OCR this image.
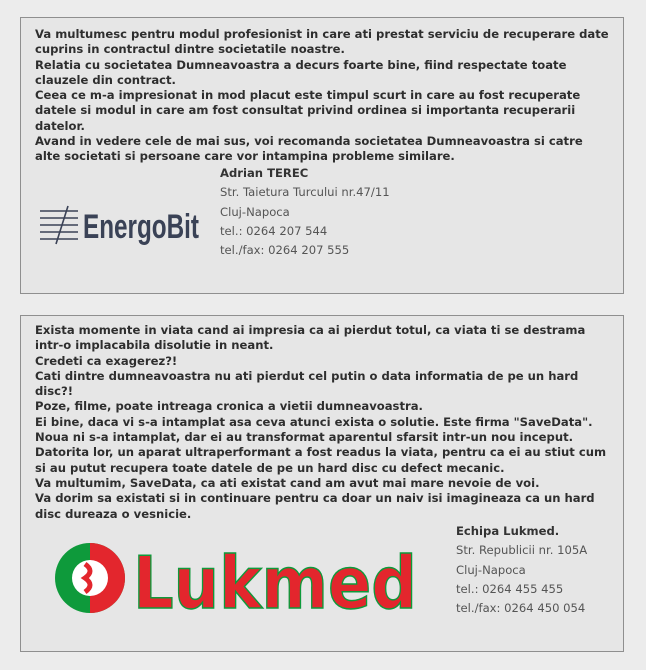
Va multumesc pentru modul profesionist in care ati prestat serviciu de recuperare date cuprins in contractul dintre societatile noastre.

Relatia cu societatea Dumneavoastra a decurs foarte bine, fiind respectate toate clauzele din contract.

Ceea ce m-a impresionat in mod placut este timpul scurt in care au fost recuperate datele si modul in care am fost consultat privind ordinea si importanta recuperarii datelor.

Avand in vedere cele de mai sus, voi recomanda societatea Dumneavoastra si catre alte societati si persoane care vor intampina probleme similare.

EnergoBit
Adrian TEREC
Str. Taietura Turcului nr.47/11
Cluj-Napoca
tel.: 0264 207 544
tel./fax: 0264 207 555

Exista momente in viata cand ai impresia ca ai pierdut totul, ca viata ti se destrama intr-o implacabila disolutie in neant.

Credeti ca exagerez?!

Cati dintre dumneavoastra nu ati pierdut cel putin o data informatia de pe un hard disc?!

Poze, filme, poate intreaga cronica a vietii dumneavoastra.

Ei bine, daca vi s-a intamplat asa ceva atunci exista o solutie. Este firma "SaveData".

Noua ni s-a intamplat, dar ei au transformat aparentul sfarsit intr-un nou inceput.

Datorita lor, un aparat ultraperformant a fost readus la viata, pentru ca ei au stiut cum si au putut recupera toate datele de pe un hard disc cu defect mecanic.

Va multumim, SaveData, ca ati existat cand am avut mai mare nevoie de voi.

Va dorim sa existati si in continuare pentru ca doar un naiv isi imagineaza ca un hard disc dureaza o vesnicie.

Lukmed
Echipa Lukmed.
Str. Republicii nr. 105A
Cluj-Napoca
tel.: 0264 455 455
tel./fax: 0264 450 054
